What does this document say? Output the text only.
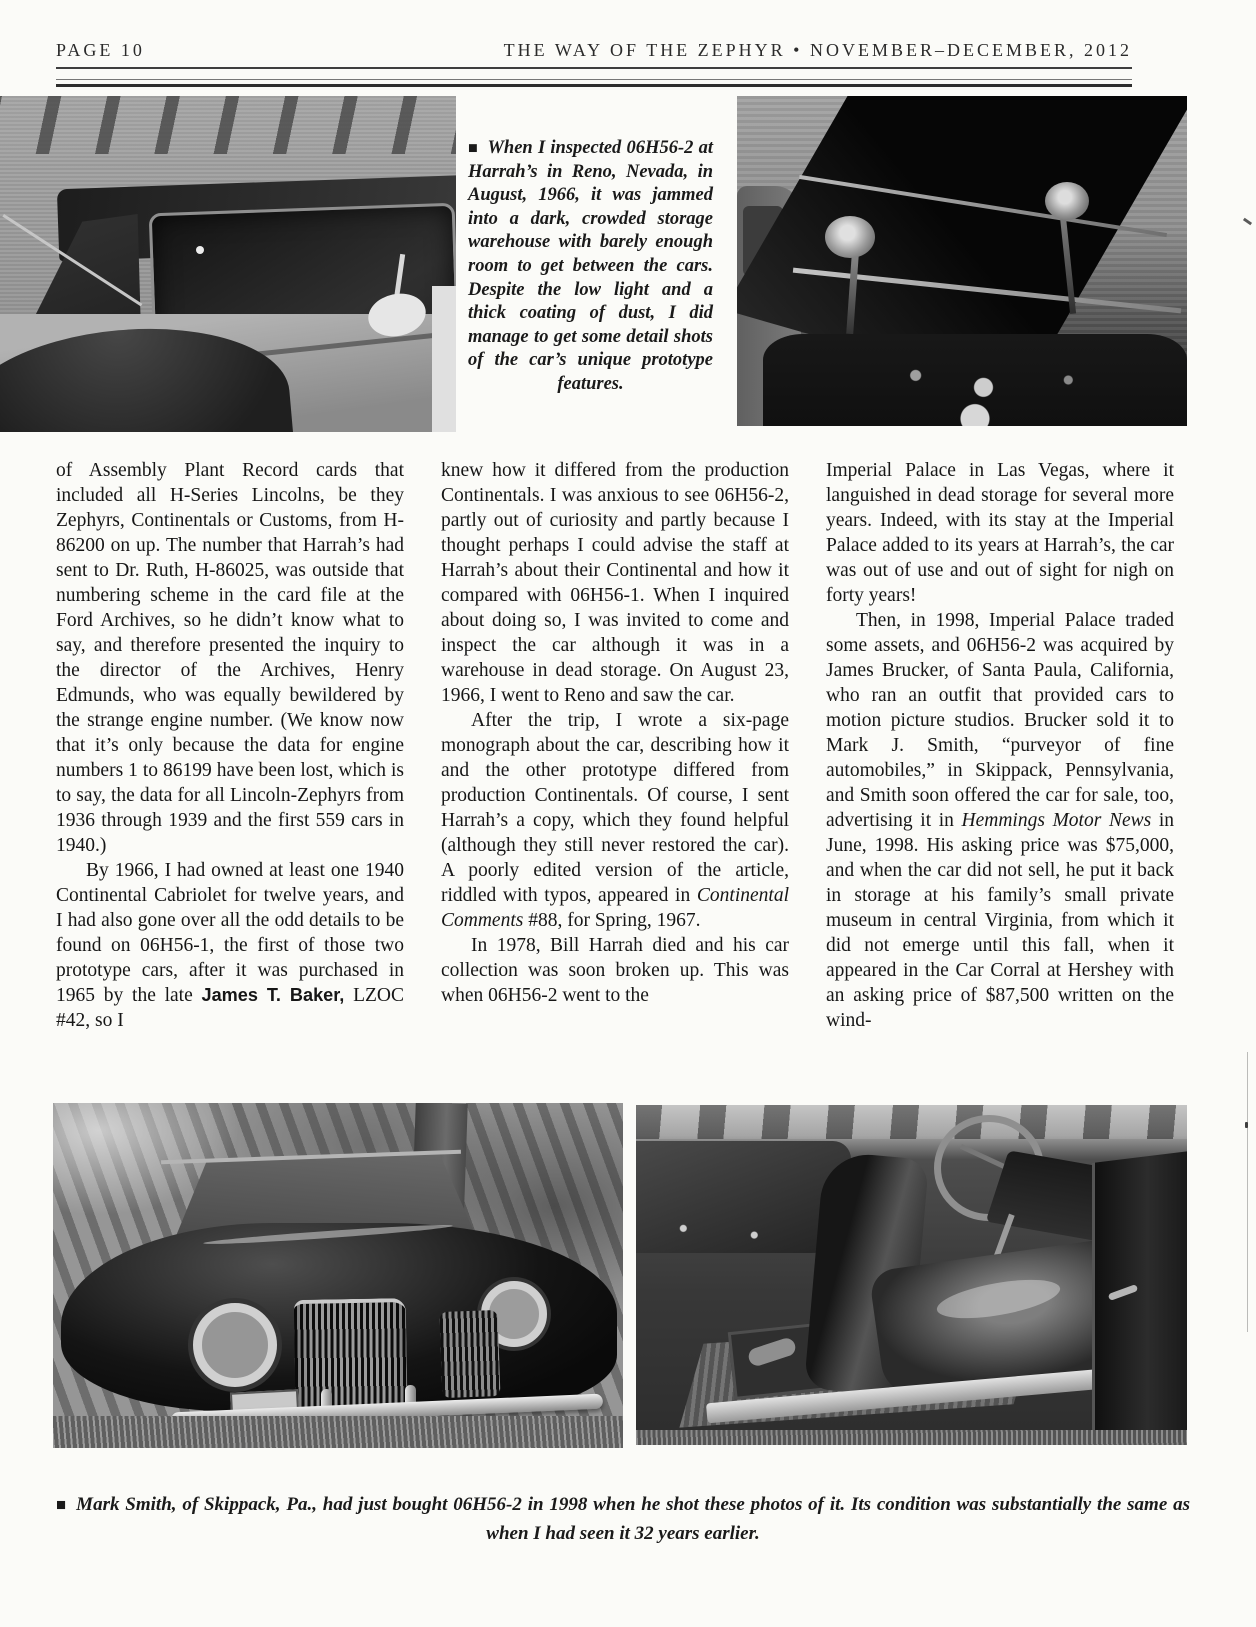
PAGE 10	THE WAY OF THE ZEPHYR • NOVEMBER–DECEMBER, 2012
■ When I inspected 06H56-2 at Harrah’s in Reno, Nevada, in August, 1966, it was jammed into a dark, crowded storage warehouse with barely enough room to get between the cars. Despite the low light and a thick coating of dust, I did manage to get some detail shots of the car’s unique prototype features.

of Assembly Plant Record cards that included all H-Series Lincolns, be they Zephyrs, Continentals or Customs, from H-86200 on up. The number that Harrah’s had sent to Dr. Ruth, H-86025, was outside that numbering scheme in the card file at the Ford Archives, so he didn’t know what to say, and therefore presented the inquiry to the director of the Archives, Henry Edmunds, who was equally bewildered by the strange engine number. (We know now that it’s only because the data for engine numbers 1 to 86199 have been lost, which is to say, the data for all Lincoln-Zephyrs from 1936 through 1939 and the first 559 cars in 1940.)

By 1966, I had owned at least one 1940 Continental Cabriolet for twelve years, and I had also gone over all the odd details to be found on 06H56-1, the first of those two prototype cars, after it was purchased in 1965 by the late James T. Baker, LZOC #42, so I

knew how it differed from the production Continentals. I was anxious to see 06H56-2, partly out of curiosity and partly because I thought perhaps I could advise the staff at Harrah’s about their Continental and how it compared with 06H56-1. When I inquired about doing so, I was invited to come and inspect the car although it was in a warehouse in dead storage. On August 23, 1966, I went to Reno and saw the car.

After the trip, I wrote a six-page monograph about the car, describing how it and the other prototype differed from production Continentals. Of course, I sent Harrah’s a copy, which they found helpful (although they still never restored the car). A poorly edited version of the article, riddled with typos, appeared in Continental Comments #88, for Spring, 1967.

In 1978, Bill Harrah died and his car collection was soon broken up. This was when 06H56-2 went to the

Imperial Palace in Las Vegas, where it languished in dead storage for several more years. Indeed, with its stay at the Imperial Palace added to its years at Harrah’s, the car was out of use and out of sight for nigh on forty years!

Then, in 1998, Imperial Palace traded some assets, and 06H56-2 was acquired by James Brucker, of Santa Paula, California, who ran an outfit that provided cars to motion picture studios. Brucker sold it to Mark J. Smith, “purveyor of fine automobiles,” in Skippack, Pennsylvania, and Smith soon offered the car for sale, too, advertising it in Hemmings Motor News in June, 1998. His asking price was $75,000, and when the car did not sell, he put it back in storage at his family’s small private museum in central Virginia, from which it did not emerge until this fall, when it appeared in the Car Corral at Hershey with an asking price of $87,500 written on the wind-

■ Mark Smith, of Skippack, Pa., had just bought 06H56-2 in 1998 when he shot these photos of it. Its condition was substantially the same as when I had seen it 32 years earlier.
